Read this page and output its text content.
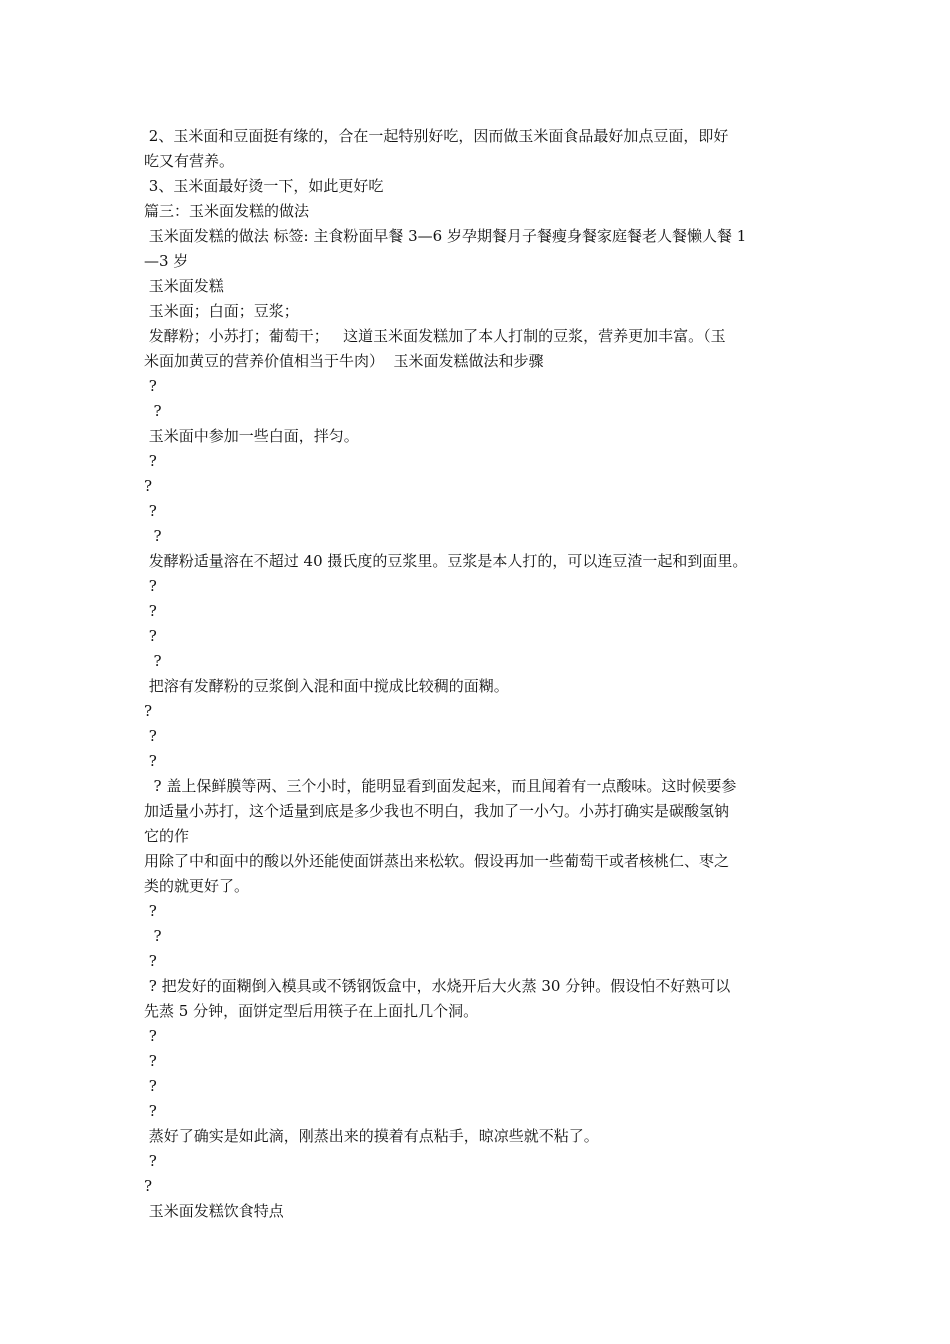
2、玉米面和豆面挺有缘的，合在一起特别好吃，因而做玉米面食品最好加点豆面，即好
吃又有营养。
3、玉米面最好烫一下，如此更好吃
篇三：玉米面发糕的做法
玉米面发糕的做法 标签: 主食粉面早餐 3—6 岁孕期餐月子餐瘦身餐家庭餐老人餐懒人餐 1
—3 岁
玉米面发糕
玉米面；白面；豆浆；
发酵粉；小苏打；葡萄干；   这道玉米面发糕加了本人打制的豆浆，营养更加丰富。（玉
米面加黄豆的营养价值相当于牛肉）  玉米面发糕做法和步骤
?
?
玉米面中参加一些白面，拌匀。
?
?
?
?
发酵粉适量溶在不超过 40 摄氏度的豆浆里。豆浆是本人打的，可以连豆渣一起和到面里。
?
?
?
?
把溶有发酵粉的豆浆倒入混和面中搅成比较稠的面糊。
?
?
?
? 盖上保鲜膜等两、三个小时，能明显看到面发起来，而且闻着有一点酸味。这时候要参
加适量小苏打，这个适量到底是多少我也不明白，我加了一小勺。小苏打确实是碳酸氢钠
它的作
用除了中和面中的酸以外还能使面饼蒸出来松软。假设再加一些葡萄干或者核桃仁、枣之
类的就更好了。
?
?
?
? 把发好的面糊倒入模具或不锈钢饭盒中，水烧开后大火蒸 30 分钟。假设怕不好熟可以
先蒸 5 分钟，面饼定型后用筷子在上面扎几个洞。
?
?
?
?
蒸好了确实是如此滴，刚蒸出来的摸着有点粘手，晾凉些就不粘了。
?
?
玉米面发糕饮食特点
